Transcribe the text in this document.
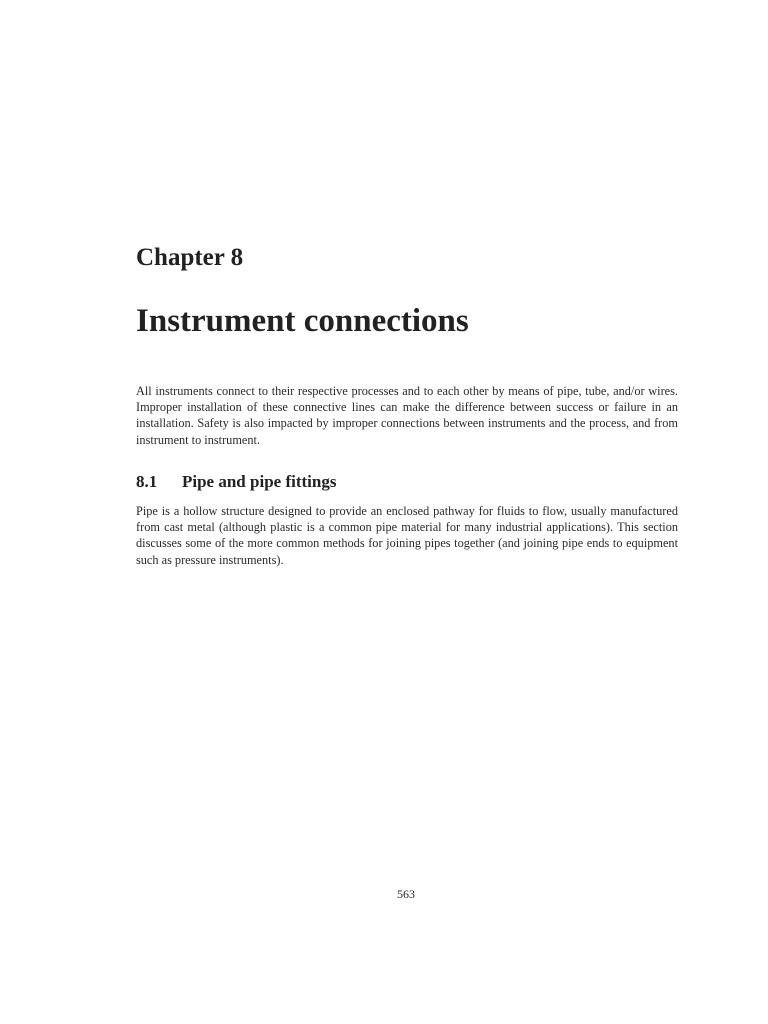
Chapter 8
Instrument connections

All instruments connect to their respective processes and to each other by means of pipe, tube, and/or wires. Improper installation of these connective lines can make the difference between success or failure in an installation. Safety is also impacted by improper connections between instruments and the process, and from instrument to instrument.

8.1 Pipe and pipe fittings

Pipe is a hollow structure designed to provide an enclosed pathway for fluids to flow, usually manufactured from cast metal (although plastic is a common pipe material for many industrial applications). This section discusses some of the more common methods for joining pipes together (and joining pipe ends to equipment such as pressure instruments).

563
